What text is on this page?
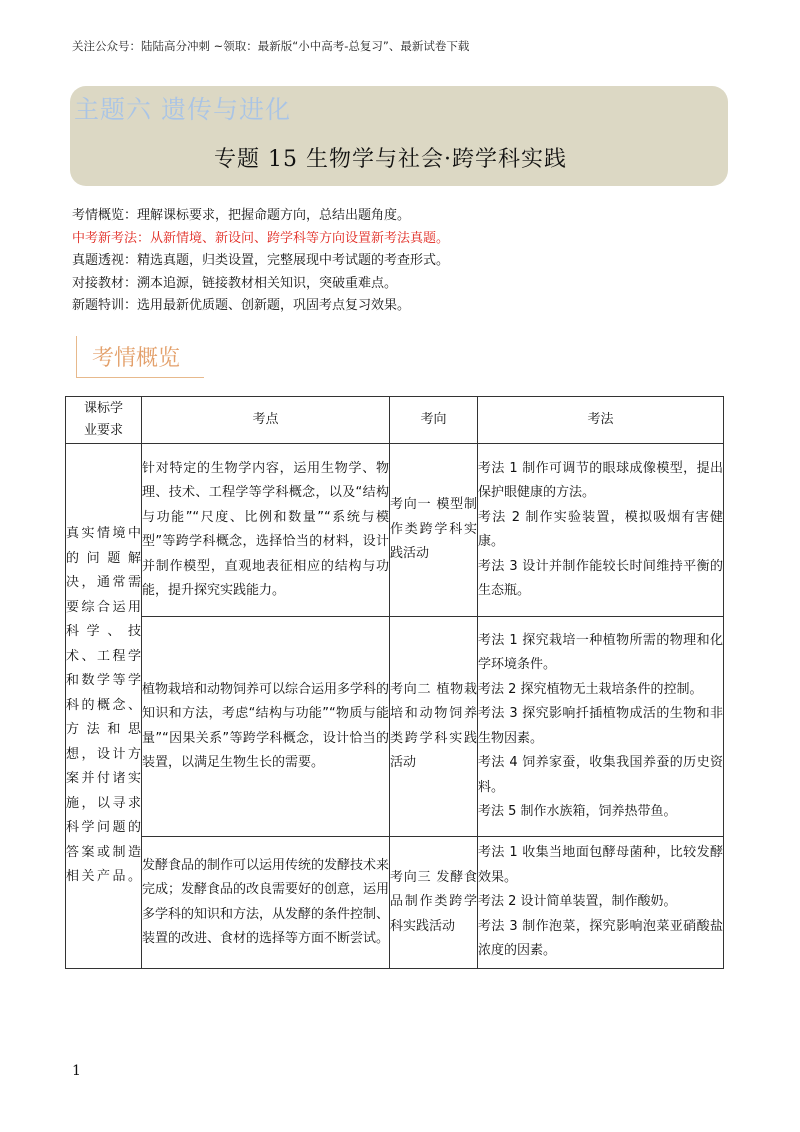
关注公众号：陆陆高分冲刺 ~领取：最新版“小中高考-总复习”、最新试卷下载
主题六 遗传与进化
专题 15 生物学与社会·跨学科实践
考情概览：理解课标要求，把握命题方向，总结出题角度。
中考新考法：从新情境、新设问、跨学科等方向设置新考法真题。
真题透视：精选真题，归类设置，完整展现中考试题的考查形式。
对接教材：溯本追源，链接教材相关知识，突破重难点。
新题特训：选用最新优质题、创新题，巩固考点复习效果。
考情概览
课标学业要求	考点	考向	考法
真实情境中的问题解决，通常需要综合运用科学、技术、工程学和数学等学科的概念、方法和思想，设计方案并付诸实施，以寻求科学问题的答案或制造相关产品。	针对特定的生物学内容，运用生物学、物理、技术、工程学等学科概念，以及“结构与功能”“尺度、比例和数量”“系统与模型”等跨学科概念，选择恰当的材料，设计并制作模型，直观地表征相应的结构与功能，提升探究实践能力。	考向一 模型制作类跨学科实践活动	考法 1 制作可调节的眼球成像模型，提出保护眼健康的方法。
考法 2 制作实验装置，模拟吸烟有害健康。
考法 3 设计并制作能较长时间维持平衡的生态瓶。

	植物栽培和动物饲养可以综合运用多学科的知识和方法，考虑“结构与功能”“物质与能量”“因果关系”等跨学科概念，设计恰当的装置，以满足生物生长的需要。	考向二 植物栽培和动物饲养类跨学科实践活动	考法 1 探究栽培一种植物所需的物理和化学环境条件。
考法 2 探究植物无土栽培条件的控制。
考法 3 探究影响扦插植物成活的生物和非生物因素。
考法 4 饲养家蚕，收集我国养蚕的历史资料。
考法 5 制作水族箱，饲养热带鱼。

	发酵食品的制作可以运用传统的发酵技术来完成；发酵食品的改良需要好的创意，运用多学科的知识和方法，从发酵的条件控制、装置的改进、食材的选择等方面不断尝试。	考向三 发酵食品制作类跨学科实践活动	考法 1 收集当地面包酵母菌种，比较发酵效果。
考法 2 设计简单装置，制作酸奶。
考法 3 制作泡菜，探究影响泡菜亚硝酸盐浓度的因素。
1
